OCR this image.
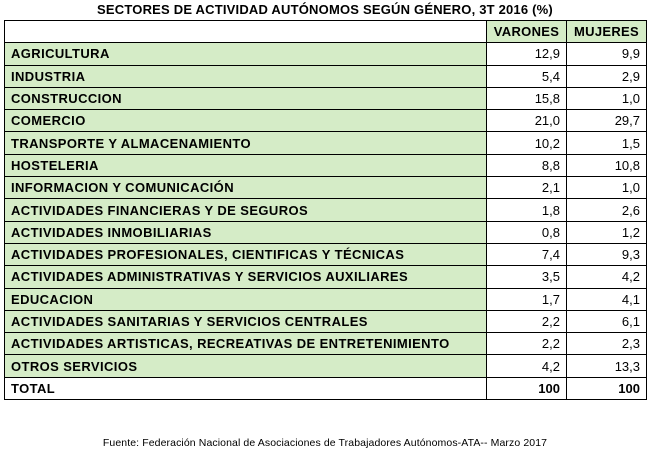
SECTORES DE ACTIVIDAD AUTÓNOMOS SEGÚN GÉNERO, 3T 2016 (%)
	VARONES	MUJERES
AGRICULTURA	12,9	9,9
INDUSTRIA	5,4	2,9
CONSTRUCCION	15,8	1,0
COMERCIO	21,0	29,7
TRANSPORTE Y ALMACENAMIENTO	10,2	1,5
HOSTELERIA	8,8	10,8
INFORMACION Y COMUNICACIÓN	2,1	1,0
ACTIVIDADES FINANCIERAS Y DE SEGUROS	1,8	2,6
ACTIVIDADES INMOBILIARIAS	0,8	1,2
ACTIVIDADES PROFESIONALES, CIENTIFICAS Y TÉCNICAS	7,4	9,3
ACTIVIDADES ADMINISTRATIVAS Y SERVICIOS AUXILIARES	3,5	4,2
EDUCACION	1,7	4,1
ACTIVIDADES SANITARIAS Y SERVICIOS CENTRALES	2,2	6,1
ACTIVIDADES ARTISTICAS, RECREATIVAS DE ENTRETENIMIENTO	2,2	2,3
OTROS SERVICIOS	4,2	13,3
TOTAL	100	100
Fuente: Federación Nacional de Asociaciones de Trabajadores Autónomos-ATA-- Marzo 2017
